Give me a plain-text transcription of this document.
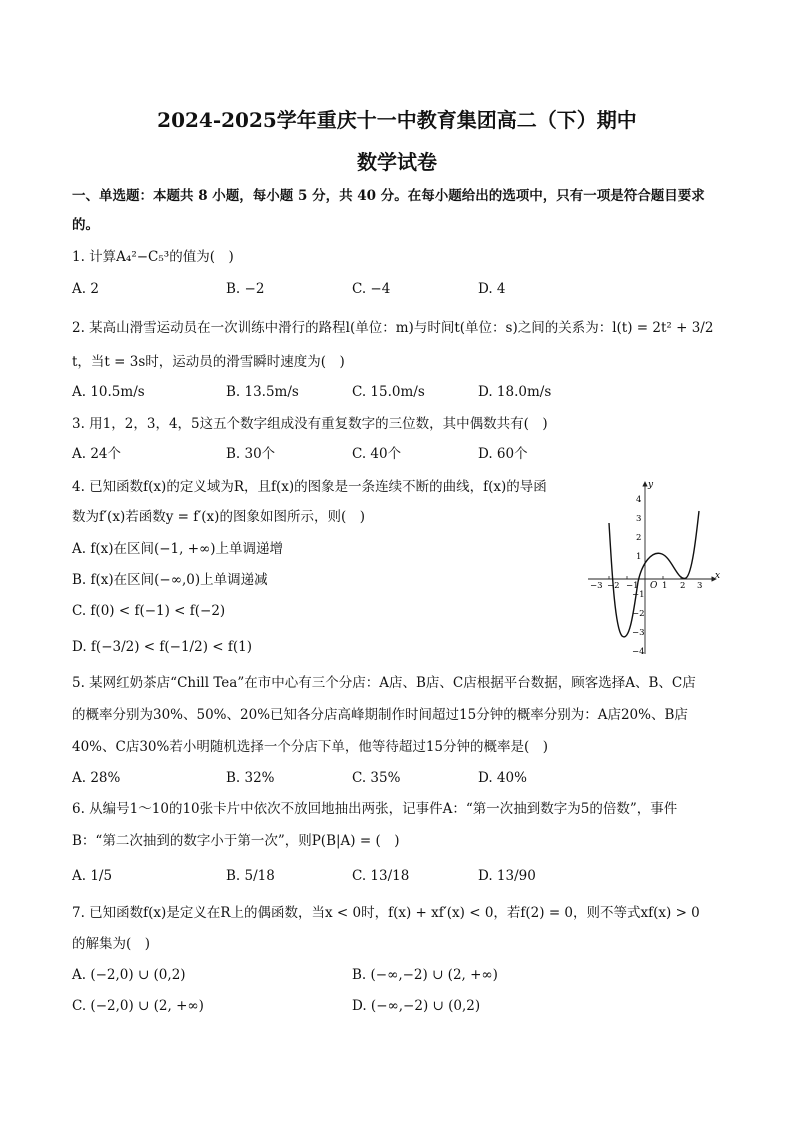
2024-2025学年重庆十一中教育集团高二（下）期中
数学试卷
一、单选题：本题共 8 小题，每小题 5 分，共 40 分。在每小题给出的选项中，只有一项是符合题目要求
的。
1. 计算A₄²−C₅³的值为(　)
A. 2	B. −2	C. −4	D. 4
2. 某高山滑雪运动员在一次训练中滑行的路程l(单位：m)与时间t(单位：s)之间的关系为：l(t) = 2t² + 3/2
t，当t = 3s时，运动员的滑雪瞬时速度为(　)
A. 10.5m/s	B. 13.5m/s	C. 15.0m/s	D. 18.0m/s
3. 用1，2，3，4，5这五个数字组成没有重复数字的三位数，其中偶数共有(　)
A. 24个	B. 30个	C. 40个	D. 60个
4. 已知函数f(x)的定义域为R，且f(x)的图象是一条连续不断的曲线，f(x)的导函
数为f′(x)若函数y = f′(x)的图象如图所示，则(　)
A. f(x)在区间(−1, +∞)上单调递增
B. f(x)在区间(−∞,0)上单调递减
C. f(0) < f(−1) < f(−2)
D. f(−3/2) < f(−1/2) < f(1)
x
y
O
−3 −2 −1	1 2 3
4
3
2
1
−1
−2
−3
−4
5. 某网红奶茶店“Chill Tea”在市中心有三个分店：A店、B店、C店根据平台数据，顾客选择A、B、C店
的概率分别为30%、50%、20%已知各分店高峰期制作时间超过15分钟的概率分别为：A店20%、B店
40%、C店30%若小明随机选择一个分店下单，他等待超过15分钟的概率是(　)
A. 28%	B. 32%	C. 35%	D. 40%
6. 从编号1～10的10张卡片中依次不放回地抽出两张，记事件A：“第一次抽到数字为5的倍数”，事件
B：“第二次抽到的数字小于第一次”，则P(B|A) = (　)
A. 1/5	B. 5/18	C. 13/18	D. 13/90
7. 已知函数f(x)是定义在R上的偶函数，当x < 0时，f(x) + xf′(x) < 0，若f(2) = 0，则不等式xf(x) > 0
的解集为(　)
A. (−2,0) ∪ (0,2)	B. (−∞,−2) ∪ (2, +∞)
C. (−2,0) ∪ (2, +∞)	D. (−∞,−2) ∪ (0,2)
